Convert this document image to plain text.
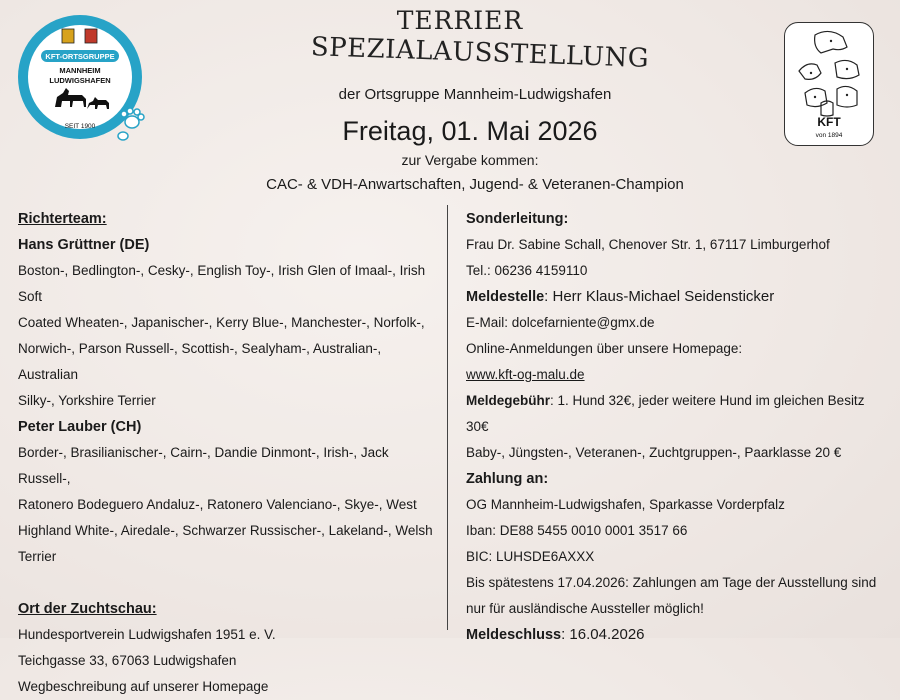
KFT-ORTSGRUPPE
MANNHEIM
LUDWIGSHAFEN
SEIT 1900	KFT
von 1894
TERRIER
SPEZIALAUSSTELLUNG
der Ortsgruppe Mannheim-Ludwigshafen
Freitag, 01. Mai 2026
zur Vergabe kommen:
CAC- & VDH-Anwartschaften, Jugend- & Veteranen-Champion
Richterteam:
Hans Grüttner (DE)
Boston-, Bedlington-, Cesky-, English Toy-, Irish Glen of Imaal-, Irish Soft
Coated Wheaten-, Japanischer-, Kerry Blue-, Manchester-, Norfolk-,
Norwich-, Parson Russell-, Scottish-, Sealyham-, Australian-, Australian
Silky-, Yorkshire Terrier
Peter Lauber (CH)
Border-, Brasilianischer-, Cairn-, Dandie Dinmont-, Irish-, Jack Russell-,
Ratonero Bodeguero Andaluz-, Ratonero Valenciano-, Skye-, West
Highland White-, Airedale-, Schwarzer Russischer-, Lakeland-, Welsh
Terrier
Ort der Zuchtschau:
Hundesportverein Ludwigshafen 1951 e. V.
Teichgasse 33, 67063 Ludwigshafen
Wegbeschreibung auf unserer Homepage
Sonderleitung:
Frau Dr. Sabine Schall, Chenover Str. 1, 67117 Limburgerhof
Tel.: 06236 4159110
Meldestelle: Herr Klaus-Michael Seidensticker
E-Mail: dolcefarniente@gmx.de
Online-Anmeldungen über unsere Homepage:
www.kft-og-malu.de
Meldegebühr: 1. Hund 32€, jeder weitere Hund im gleichen Besitz 30€
Baby-, Jüngsten-, Veteranen-, Zuchtgruppen-, Paarklasse 20 €
Zahlung an:
OG Mannheim-Ludwigshafen, Sparkasse Vorderpfalz
Iban: DE88 5455 0010 0001 3517 66
BIC: LUHSDE6AXXX
Bis spätestens 17.04.2026: Zahlungen am Tage der Ausstellung sind
nur für ausländische Aussteller möglich!
Meldeschluss: 16.04.2026
